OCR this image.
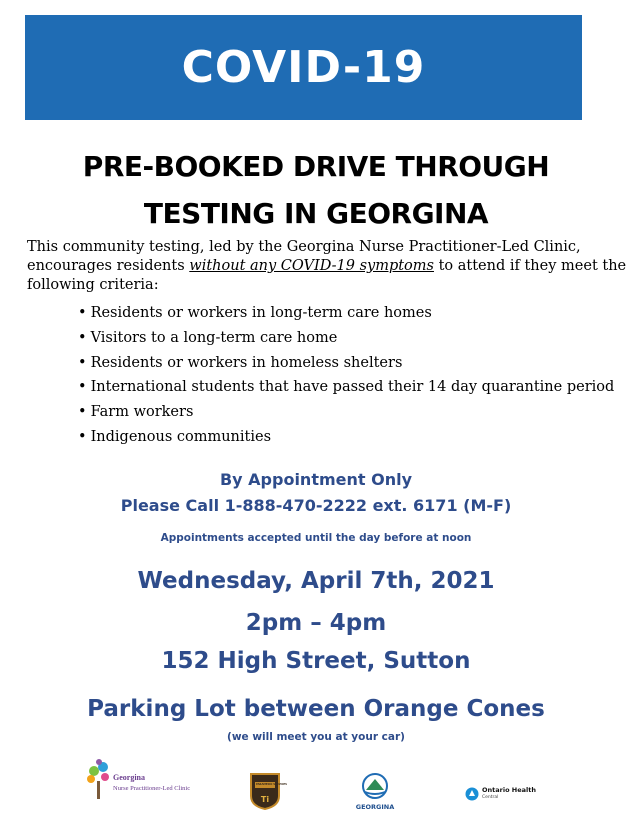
COVID-19
PRE-BOOKED DRIVE THROUGH
TESTING IN GEORGINA
This community testing, led by the Georgina Nurse Practitioner-Led Clinic, encourages residents without any COVID-19 symptoms to attend if they meet the following criteria:
• Residents or workers in long-term care homes
• Visitors to a long-term care home
• Residents or workers in homeless shelters
• International students that have passed their 14 day quarantine period
• Farm workers
• Indigenous communities
By Appointment Only
Please Call 1-888-470-2222 ext. 6171 (M-F)
Appointments accepted until the day before at noon
Wednesday, April 7th, 2021
2pm – 4pm
152 High Street, Sutton
Parking Lot between Orange Cones
(we will meet you at your car)
Georgina
Nurse Practitioner-Led Clinic
Ti
PARAMEDIC SERVICES
GEORGINA
Ontario Health
Central
